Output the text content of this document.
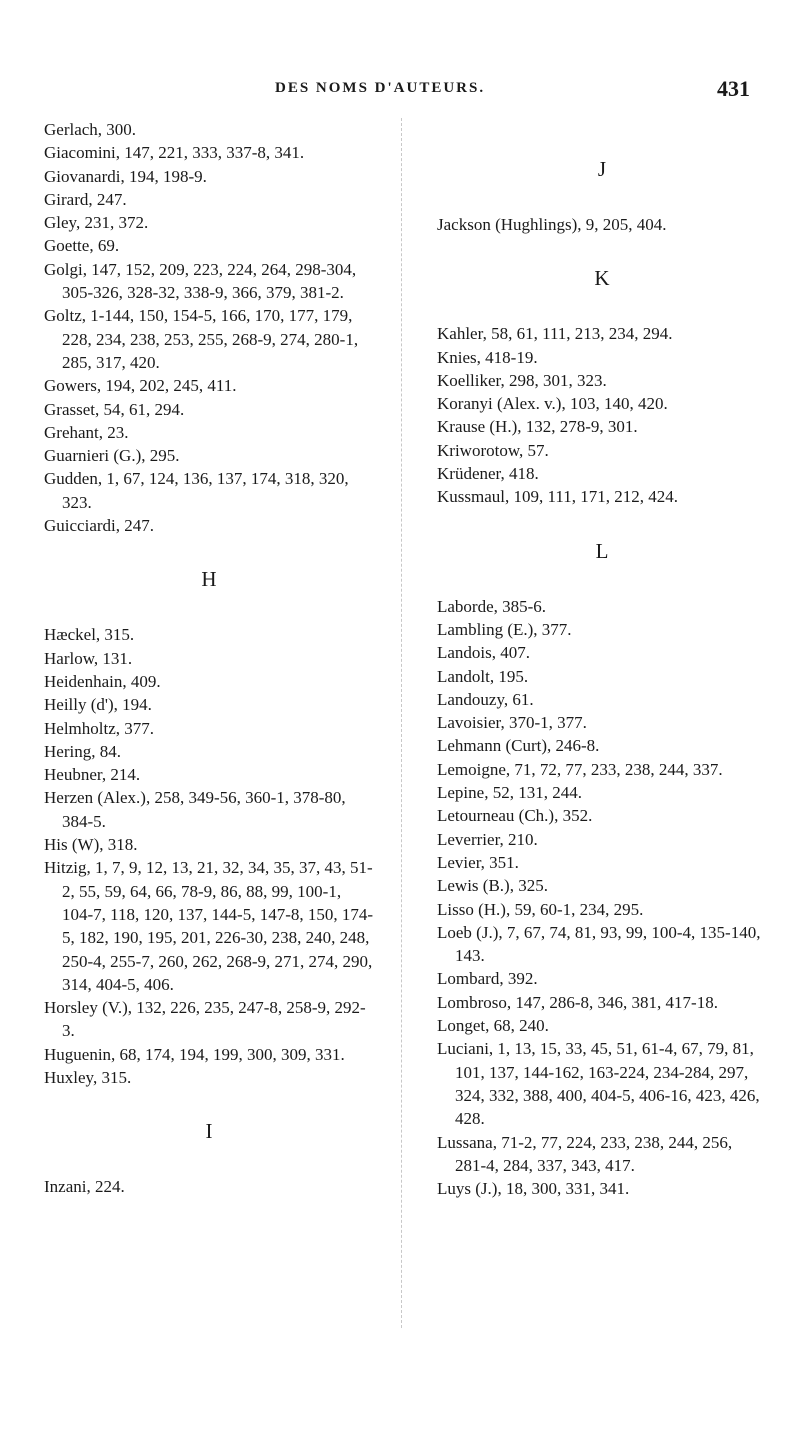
DES NOMS D'AUTEURS.	431
Gerlach, 300.
Giacomini, 147, 221, 333, 337-8, 341.
Giovanardi, 194, 198-9.
Girard, 247.
Gley, 231, 372.
Goette, 69.
Golgi, 147, 152, 209, 223, 224, 264, 298-304, 305-326, 328-32, 338-9, 366, 379, 381-2.
Goltz, 1-144, 150, 154-5, 166, 170, 177, 179, 228, 234, 238, 253, 255, 268-9, 274, 280-1, 285, 317, 420.
Gowers, 194, 202, 245, 411.
Grasset, 54, 61, 294.
Grehant, 23.
Guarnieri (G.), 295.
Gudden, 1, 67, 124, 136, 137, 174, 318, 320, 323.
Guicciardi, 247.
H
Hæckel, 315.
Harlow, 131.
Heidenhain, 409.
Heilly (d'), 194.
Helmholtz, 377.
Hering, 84.
Heubner, 214.
Herzen (Alex.), 258, 349-56, 360-1, 378-80, 384-5.
His (W), 318.
Hitzig, 1, 7, 9, 12, 13, 21, 32, 34, 35, 37, 43, 51-2, 55, 59, 64, 66, 78-9, 86, 88, 99, 100-1, 104-7, 118, 120, 137, 144-5, 147-8, 150, 174-5, 182, 190, 195, 201, 226-30, 238, 240, 248, 250-4, 255-7, 260, 262, 268-9, 271, 274, 290, 314, 404-5, 406.
Horsley (V.), 132, 226, 235, 247-8, 258-9, 292-3.
Huguenin, 68, 174, 194, 199, 300, 309, 331.
Huxley, 315.
I
Inzani, 224.
J
Jackson (Hughlings), 9, 205, 404.
K
Kahler, 58, 61, 111, 213, 234, 294.
Knies, 418-19.
Koelliker, 298, 301, 323.
Koranyi (Alex. v.), 103, 140, 420.
Krause (H.), 132, 278-9, 301.
Kriworotow, 57.
Krüdener, 418.
Kussmaul, 109, 111, 171, 212, 424.
L
Laborde, 385-6.
Lambling (E.), 377.
Landois, 407.
Landolt, 195.
Landouzy, 61.
Lavoisier, 370-1, 377.
Lehmann (Curt), 246-8.
Lemoigne, 71, 72, 77, 233, 238, 244, 337.
Lepine, 52, 131, 244.
Letourneau (Ch.), 352.
Leverrier, 210.
Levier, 351.
Lewis (B.), 325.
Lisso (H.), 59, 60-1, 234, 295.
Loeb (J.), 7, 67, 74, 81, 93, 99, 100-4, 135-140, 143.
Lombard, 392.
Lombroso, 147, 286-8, 346, 381, 417-18.
Longet, 68, 240.
Luciani, 1, 13, 15, 33, 45, 51, 61-4, 67, 79, 81, 101, 137, 144-162, 163-224, 234-284, 297, 324, 332, 388, 400, 404-5, 406-16, 423, 426, 428.
Lussana, 71-2, 77, 224, 233, 238, 244, 256, 281-4, 284, 337, 343, 417.
Luys (J.), 18, 300, 331, 341.
